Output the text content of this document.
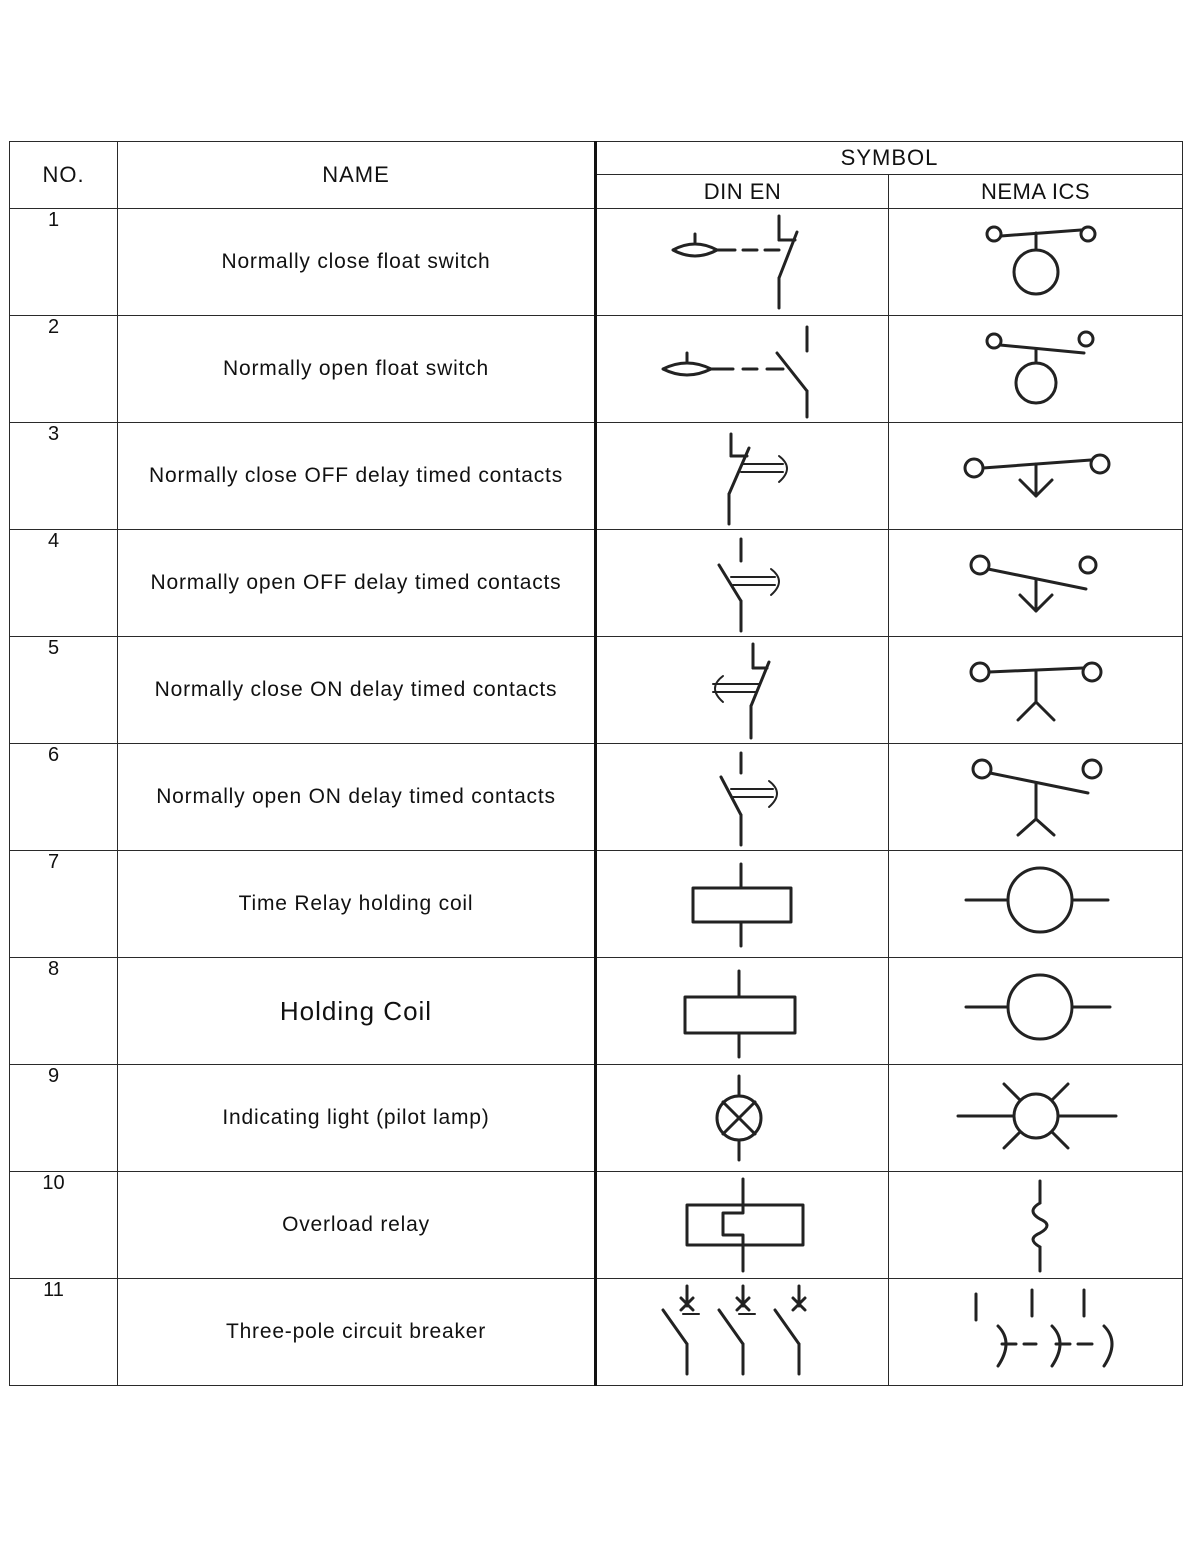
NO.	NAME	SYMBOL	
		DIN EN	NEMA ICS
1	Normally close float switch	

2	Normally open float switch	

3	Normally close OFF delay timed contacts	

4	Normally open OFF delay timed contacts	

5	Normally close ON delay timed contacts	

6	Normally open ON delay timed contacts	

7	Time Relay holding coil	

8	Holding Coil	

9	Indicating light (pilot lamp)	

10	Overload relay	

11	Three-pole circuit breaker	
